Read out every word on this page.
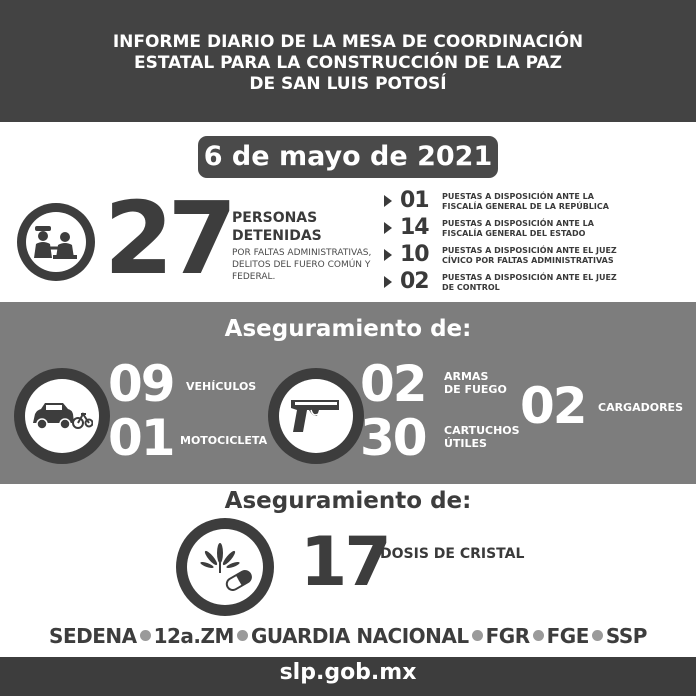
INFORME DIARIO DE LA MESA DE COORDINACIÓN
ESTATAL PARA LA CONSTRUCCIÓN DE LA PAZ
DE SAN LUIS POTOSÍ
6 de mayo de 2021
27 PERSONAS
DETENIDAS
POR FALTAS ADMINISTRATIVAS,
DELITOS DEL FUERO COMÚN Y
FEDERAL.
01 PUESTAS A DISPOSICIÓN ANTE LA
FISCALÍA GENERAL DE LA REPÚBLICA
14 PUESTAS A DISPOSICIÓN ANTE LA
FISCALÍA GENERAL DEL ESTADO
10 PUESTAS A DISPOSICIÓN ANTE EL JUEZ
CÍVICO POR FALTAS ADMINISTRATIVAS
02 PUESTAS A DISPOSICIÓN ANTE EL JUEZ
DE CONTROL
Aseguramiento de:
09 VEHÍCULOS
01 MOTOCICLETA
02 ARMAS
DE FUEGO
30 CARTUCHOS
ÚTILES
02 CARGADORES
Aseguramiento de:
17
DOSIS DE CRISTAL
SEDENA 12a.ZM GUARDIA NACIONAL FGR FGE SSP
slp.gob.mx
